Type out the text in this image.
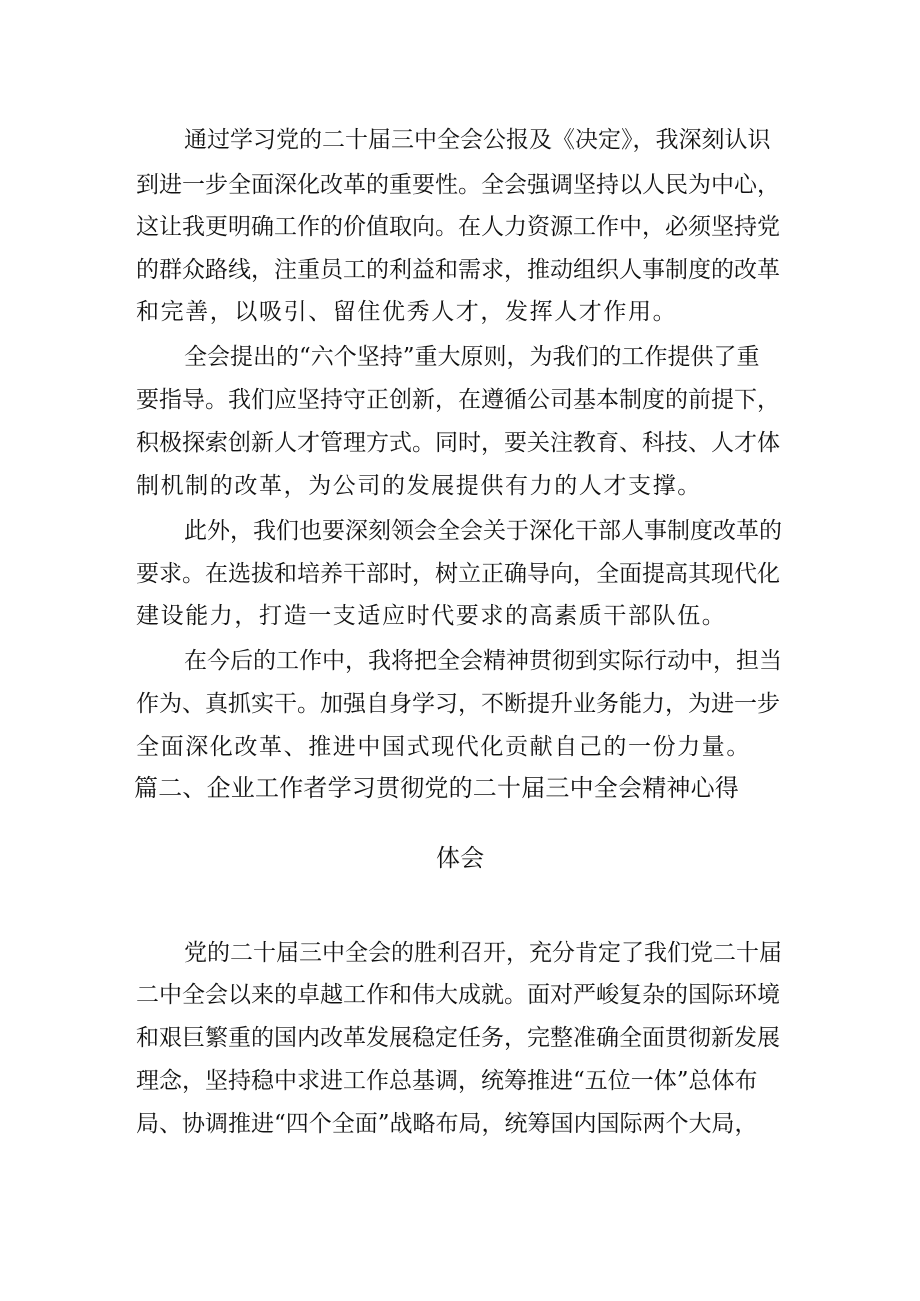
通过学习党的二十届三中全会公报及《决定》，我深刻认识
到进一步全面深化改革的重要性。全会强调坚持以人民为中心，
这让我更明确工作的价值取向。在人力资源工作中，必须坚持党
的群众路线，注重员工的利益和需求，推动组织人事制度的改革
和完善，以吸引、留住优秀人才，发挥人才作用。
全会提出的“六个坚持”重大原则，为我们的工作提供了重
要指导。我们应坚持守正创新，在遵循公司基本制度的前提下，
积极探索创新人才管理方式。同时，要关注教育、科技、人才体
制机制的改革，为公司的发展提供有力的人才支撑。
此外，我们也要深刻领会全会关于深化干部人事制度改革的
要求。在选拔和培养干部时，树立正确导向，全面提高其现代化
建设能力，打造一支适应时代要求的高素质干部队伍。
在今后的工作中，我将把全会精神贯彻到实际行动中，担当
作为、真抓实干。加强自身学习，不断提升业务能力，为进一步
全面深化改革、推进中国式现代化贡献自己的一份力量。
篇二、企业工作者学习贯彻党的二十届三中全会精神心得
体会
党的二十届三中全会的胜利召开，充分肯定了我们党二十届
二中全会以来的卓越工作和伟大成就。面对严峻复杂的国际环境
和艰巨繁重的国内改革发展稳定任务，完整准确全面贯彻新发展
理念，坚持稳中求进工作总基调，统筹推进“五位一体”总体布
局、协调推进“四个全面”战略布局，统筹国内国际两个大局，
